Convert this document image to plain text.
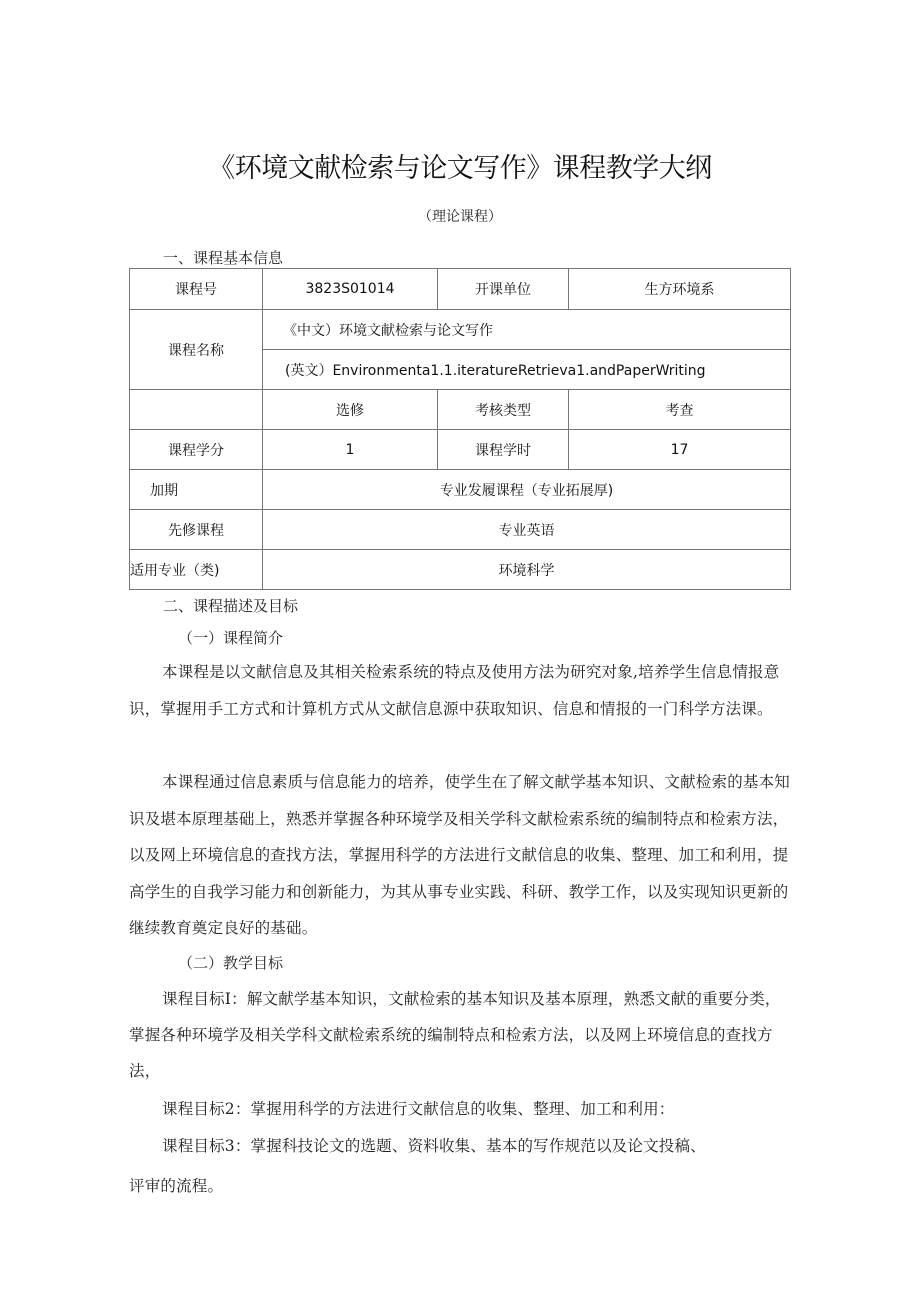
《环境文献检索与论文写作》课程教学大纲
（理论课程）
一、课程基本信息
课程号	3823S01014	开课单位	生方环境系
课程名称	《中文）环境文献检索与论文写作		
	(英文）Environmenta1.1.iteratureRetrieva1.andPaperWriting		
	选修	考核类型	考查
课程学分	1	课程学时	17
加期	专业发履课程（专业拓展厚)		
先修课程	专业英语		
适用专业（类)	环境科学		
二、课程描述及目标
（一）课程简介

本课程是以文献信息及其相关检索系统的特点及使用方法为研究对象,培养学生信息情报意识，掌握用手工方式和计算机方式从文献信息源中获取知识、信息和情报的一门科学方法课。

本课程通过信息素质与信息能力的培养，使学生在了解文献学基本知识、文献检索的基本知识及堪本原理基础上，熟悉并掌握各种环境学及相关学科文献检索系统的编制特点和检索方法，以及网上环境信息的查找方法，掌握用科学的方法进行文献信息的收集、整理、加工和利用，提高学生的自我学习能力和创新能力，为其从事专业实践、科研、教学工作，以及实现知识更新的继续教育奠定良好的基础。

（二）教学目标

课程目标I：解文献学基本知识，文献检索的基本知识及基本原理，熟悉文献的重要分类，掌握各种环境学及相关学科文献检索系统的编制特点和检索方法，以及网上环境信息的查找方法，

课程目标2：掌握用科学的方法进行文献信息的收集、整理、加工和利用：

课程目标3：掌握科技论文的选题、资料收集、基本的写作规范以及论文投稿、

评审的流程。
